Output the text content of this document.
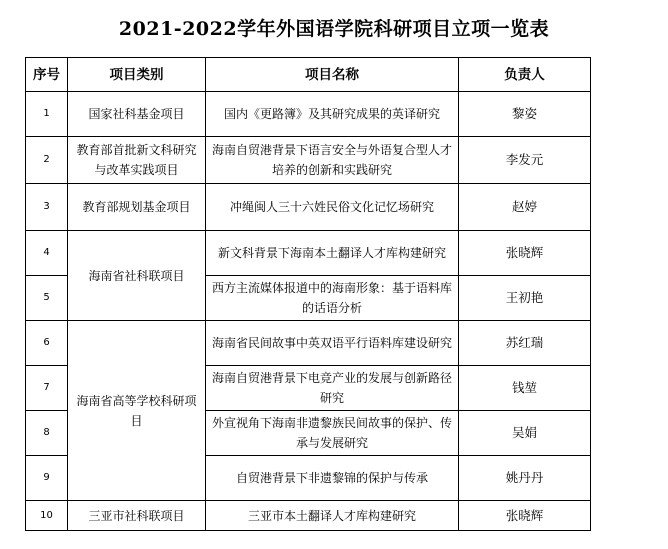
2021-2022学年外国语学院科研项目立项一览表
序号	项目类别	项目名称	负责人
1	国家社科基金项目	国内《更路簿》及其研究成果的英译研究	黎姿
2	教育部首批新文科研究与改革实践项目	海南自贸港背景下语言安全与外语复合型人才培养的创新和实践研究	李发元
3	教育部规划基金项目	冲绳闽人三十六姓民俗文化记忆场研究	赵婷
4	海南省社科联项目	新文科背景下海南本土翻译人才库构建研究	张晓辉
5		西方主流媒体报道中的海南形象：基于语料库的话语分析	王初艳
6	海南省高等学校科研项目	海南省民间故事中英双语平行语料库建设研究	苏红瑞
7		海南自贸港背景下电竞产业的发展与创新路径研究	钱堃
8		外宣视角下海南非遗黎族民间故事的保护、传承与发展研究	吴娟
9		自贸港背景下非遗黎锦的保护与传承	姚丹丹
10	三亚市社科联项目	三亚市本土翻译人才库构建研究	张晓辉
